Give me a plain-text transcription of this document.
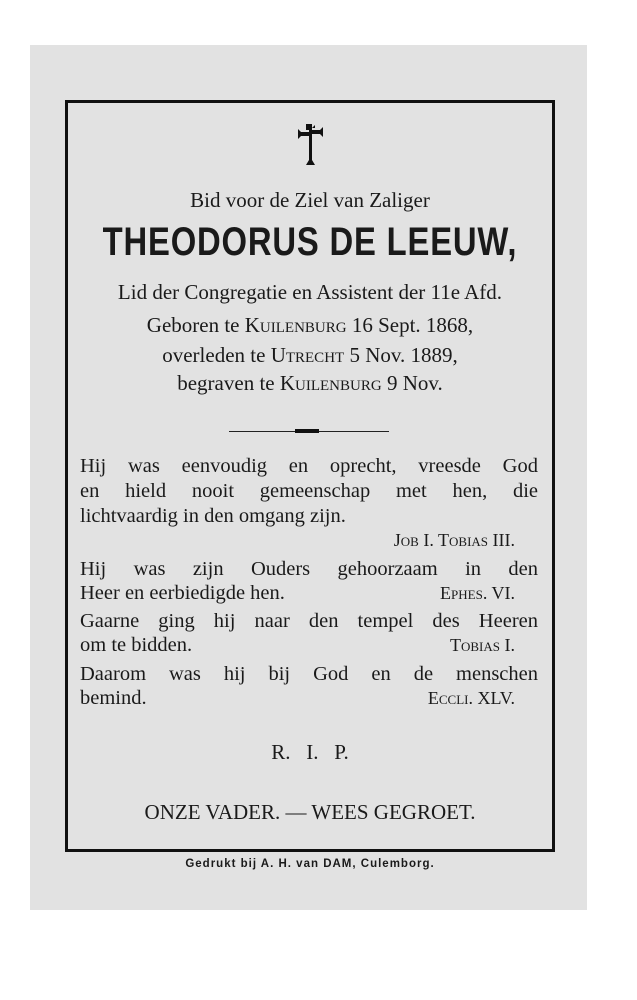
Bid voor de Ziel van Zaliger
THEODORUS DE LEEUW,
Lid der Congregatie en Assistent der 11e Afd.
Geboren te Kuilenburg 16 Sept. 1868,
overleden te Utrecht 5 Nov. 1889,
begraven te Kuilenburg 9 Nov.
Hij was eenvoudig en oprecht, vreesde God
en hield nooit gemeenschap met hen, die
lichtvaardig in den omgang zijn.
Job I. Tobias III.
Hij was zijn Ouders gehoorzaam in den
Heer en eerbiedigde hen.	Ephes. VI.
Gaarne ging hij naar den tempel des Heeren
om te bidden.	Tobias I.
Daarom was hij bij God en de menschen
bemind.	Eccli. XLV.
R.   I.   P.
ONZE VADER. — WEES GEGROET.
Gedrukt bij A. H. van DAM, Culemborg.
